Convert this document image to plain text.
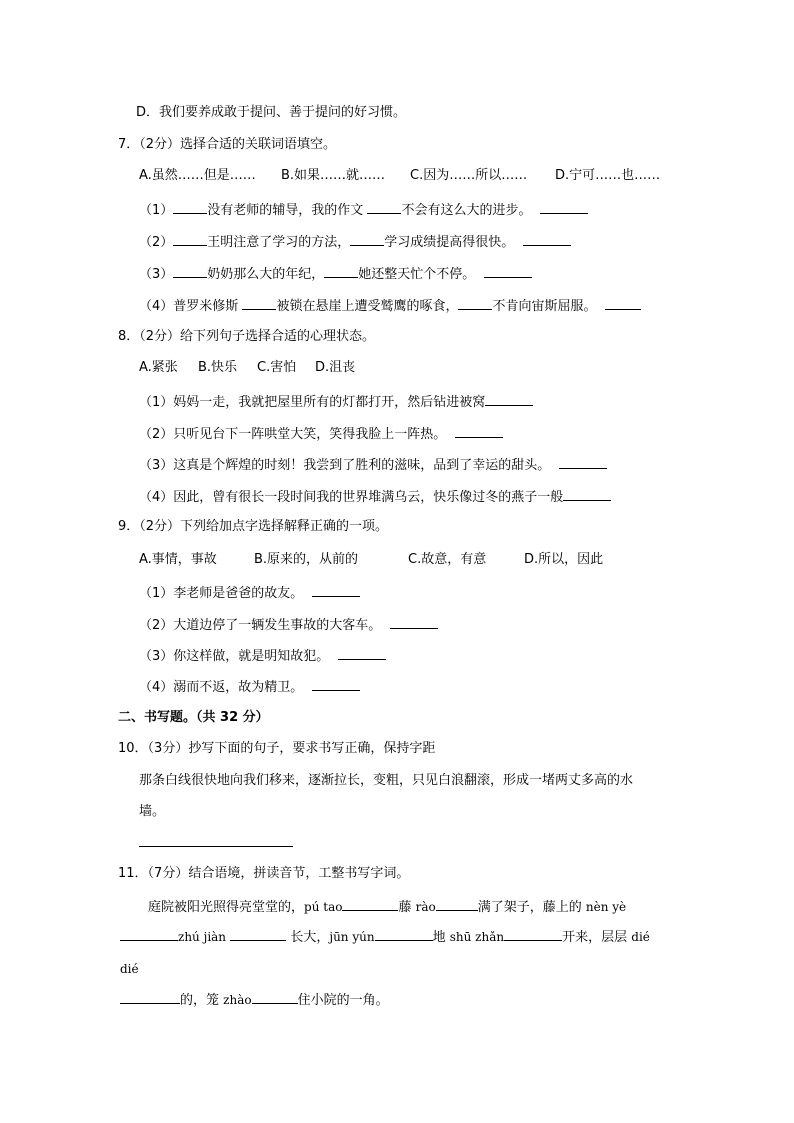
D．我们要养成敢于提问、善于提问的好习惯。
7．（2分）选择合适的关联词语填空。
A.虽然……但是…… B.如果……就…… C.因为……所以…… D.宁可……也……
（1）	没有老师的辅导，我的作文	不会有这么大的进步。
（2）	王明注意了学习的方法，	学习成绩提高得很快。
（3）	奶奶那么大的年纪，	她还整天忙个不停。
（4）普罗米修斯	被锁在悬崖上遭受鹫鹰的啄食，	不肯向宙斯屈服。
8．（2分）给下列句子选择合适的心理状态。
A.紧张 B.快乐 C.害怕 D.沮丧
（1）妈妈一走，我就把屋里所有的灯都打开，然后钻进被窝
（2）只听见台下一阵哄堂大笑，笑得我脸上一阵热。
（3）这真是个辉煌的时刻！我尝到了胜利的滋味，品到了幸运的甜头。
（4）因此，曾有很长一段时间我的世界堆满乌云，快乐像过冬的燕子一般
9．（2分）下列给加点字选择解释正确的一项。
A.事情，事故	B.原来的，从前的	C.故意，有意	D.所以，因此
（1）李老师是爸爸的故友。
（2）大道边停了一辆发生事故的大客车。
（3）你这样做，就是明知故犯。
（4）溺而不返，故为精卫。
二、书写题。（共 32 分）
10．（3分）抄写下面的句子，要求书写正确，保持字距
那条白线很快地向我们移来，逐渐拉长，变粗，只见白浪翻滚，形成一堵两丈多高的水
墙。
11．（7分）结合语境，拼读音节，工整书写字词。
庭院被阳光照得亮堂堂的，pú tao	藤 rào	满了架子，藤上的 nèn yè
zhú jiàn	长大，jūn yún	地 shū zhǎn	开来，层层 dié
dié
的，笼 zhào	住小院的一角。
